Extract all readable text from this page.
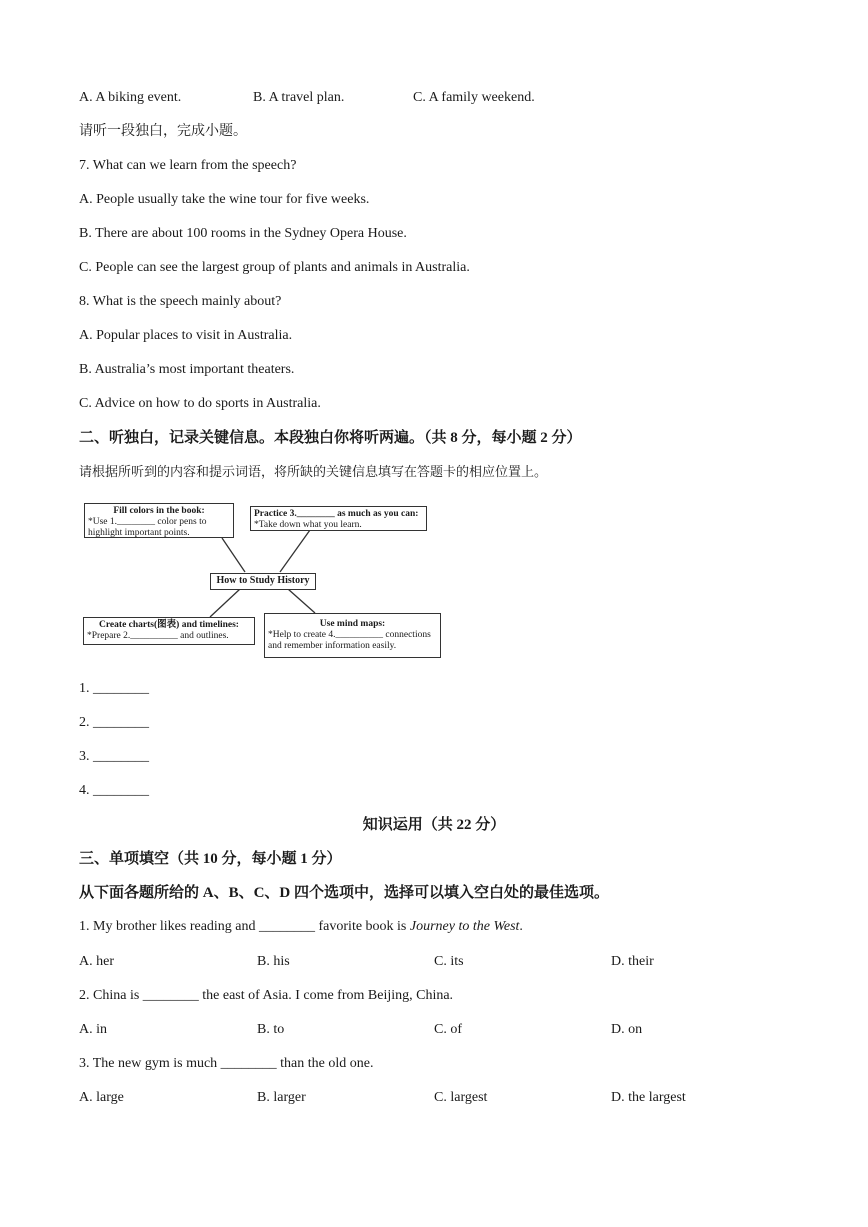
A. A biking event.	B. A travel plan.	C. A family weekend.
请听一段独白，完成小题。
7. What can we learn from the speech?
A. People usually take the wine tour for five weeks.
B. There are about 100 rooms in the Sydney Opera House.
C. People can see the largest group of plants and animals in Australia.
8. What is the speech mainly about?
A. Popular places to visit in Australia.
B. Australia’s most important theaters.
C. Advice on how to do sports in Australia.
二、听独白，记录关键信息。本段独白你将听两遍。（共 8 分，每小题 2 分）
请根据所听到的内容和提示词语，将所缺的关键信息填写在答题卡的相应位置上。
Fill colors in the book:
*Use 1.________ color pens to
highlight important points.
Practice 3.________ as much as you can:
*Take down what you learn.
How to Study History
Create charts(图表) and timelines:
*Prepare 2.__________ and outlines.
Use mind maps:
*Help to create 4.__________ connections
and remember information easily.
1. ________
2. ________
3. ________
4. ________
知识运用（共 22 分）
三、单项填空（共 10 分，每小题 1 分）
从下面各题所给的 A、B、C、D 四个选项中，选择可以填入空白处的最佳选项。
1. My brother likes reading and ________ favorite book is Journey to the West.
A. her	B. his	C. its	D. their
2. China is ________ the east of Asia. I come from Beijing, China.
A. in	B. to	C. of	D. on
3. The new gym is much ________ than the old one.
A. large	B. larger	C. largest	D. the largest
